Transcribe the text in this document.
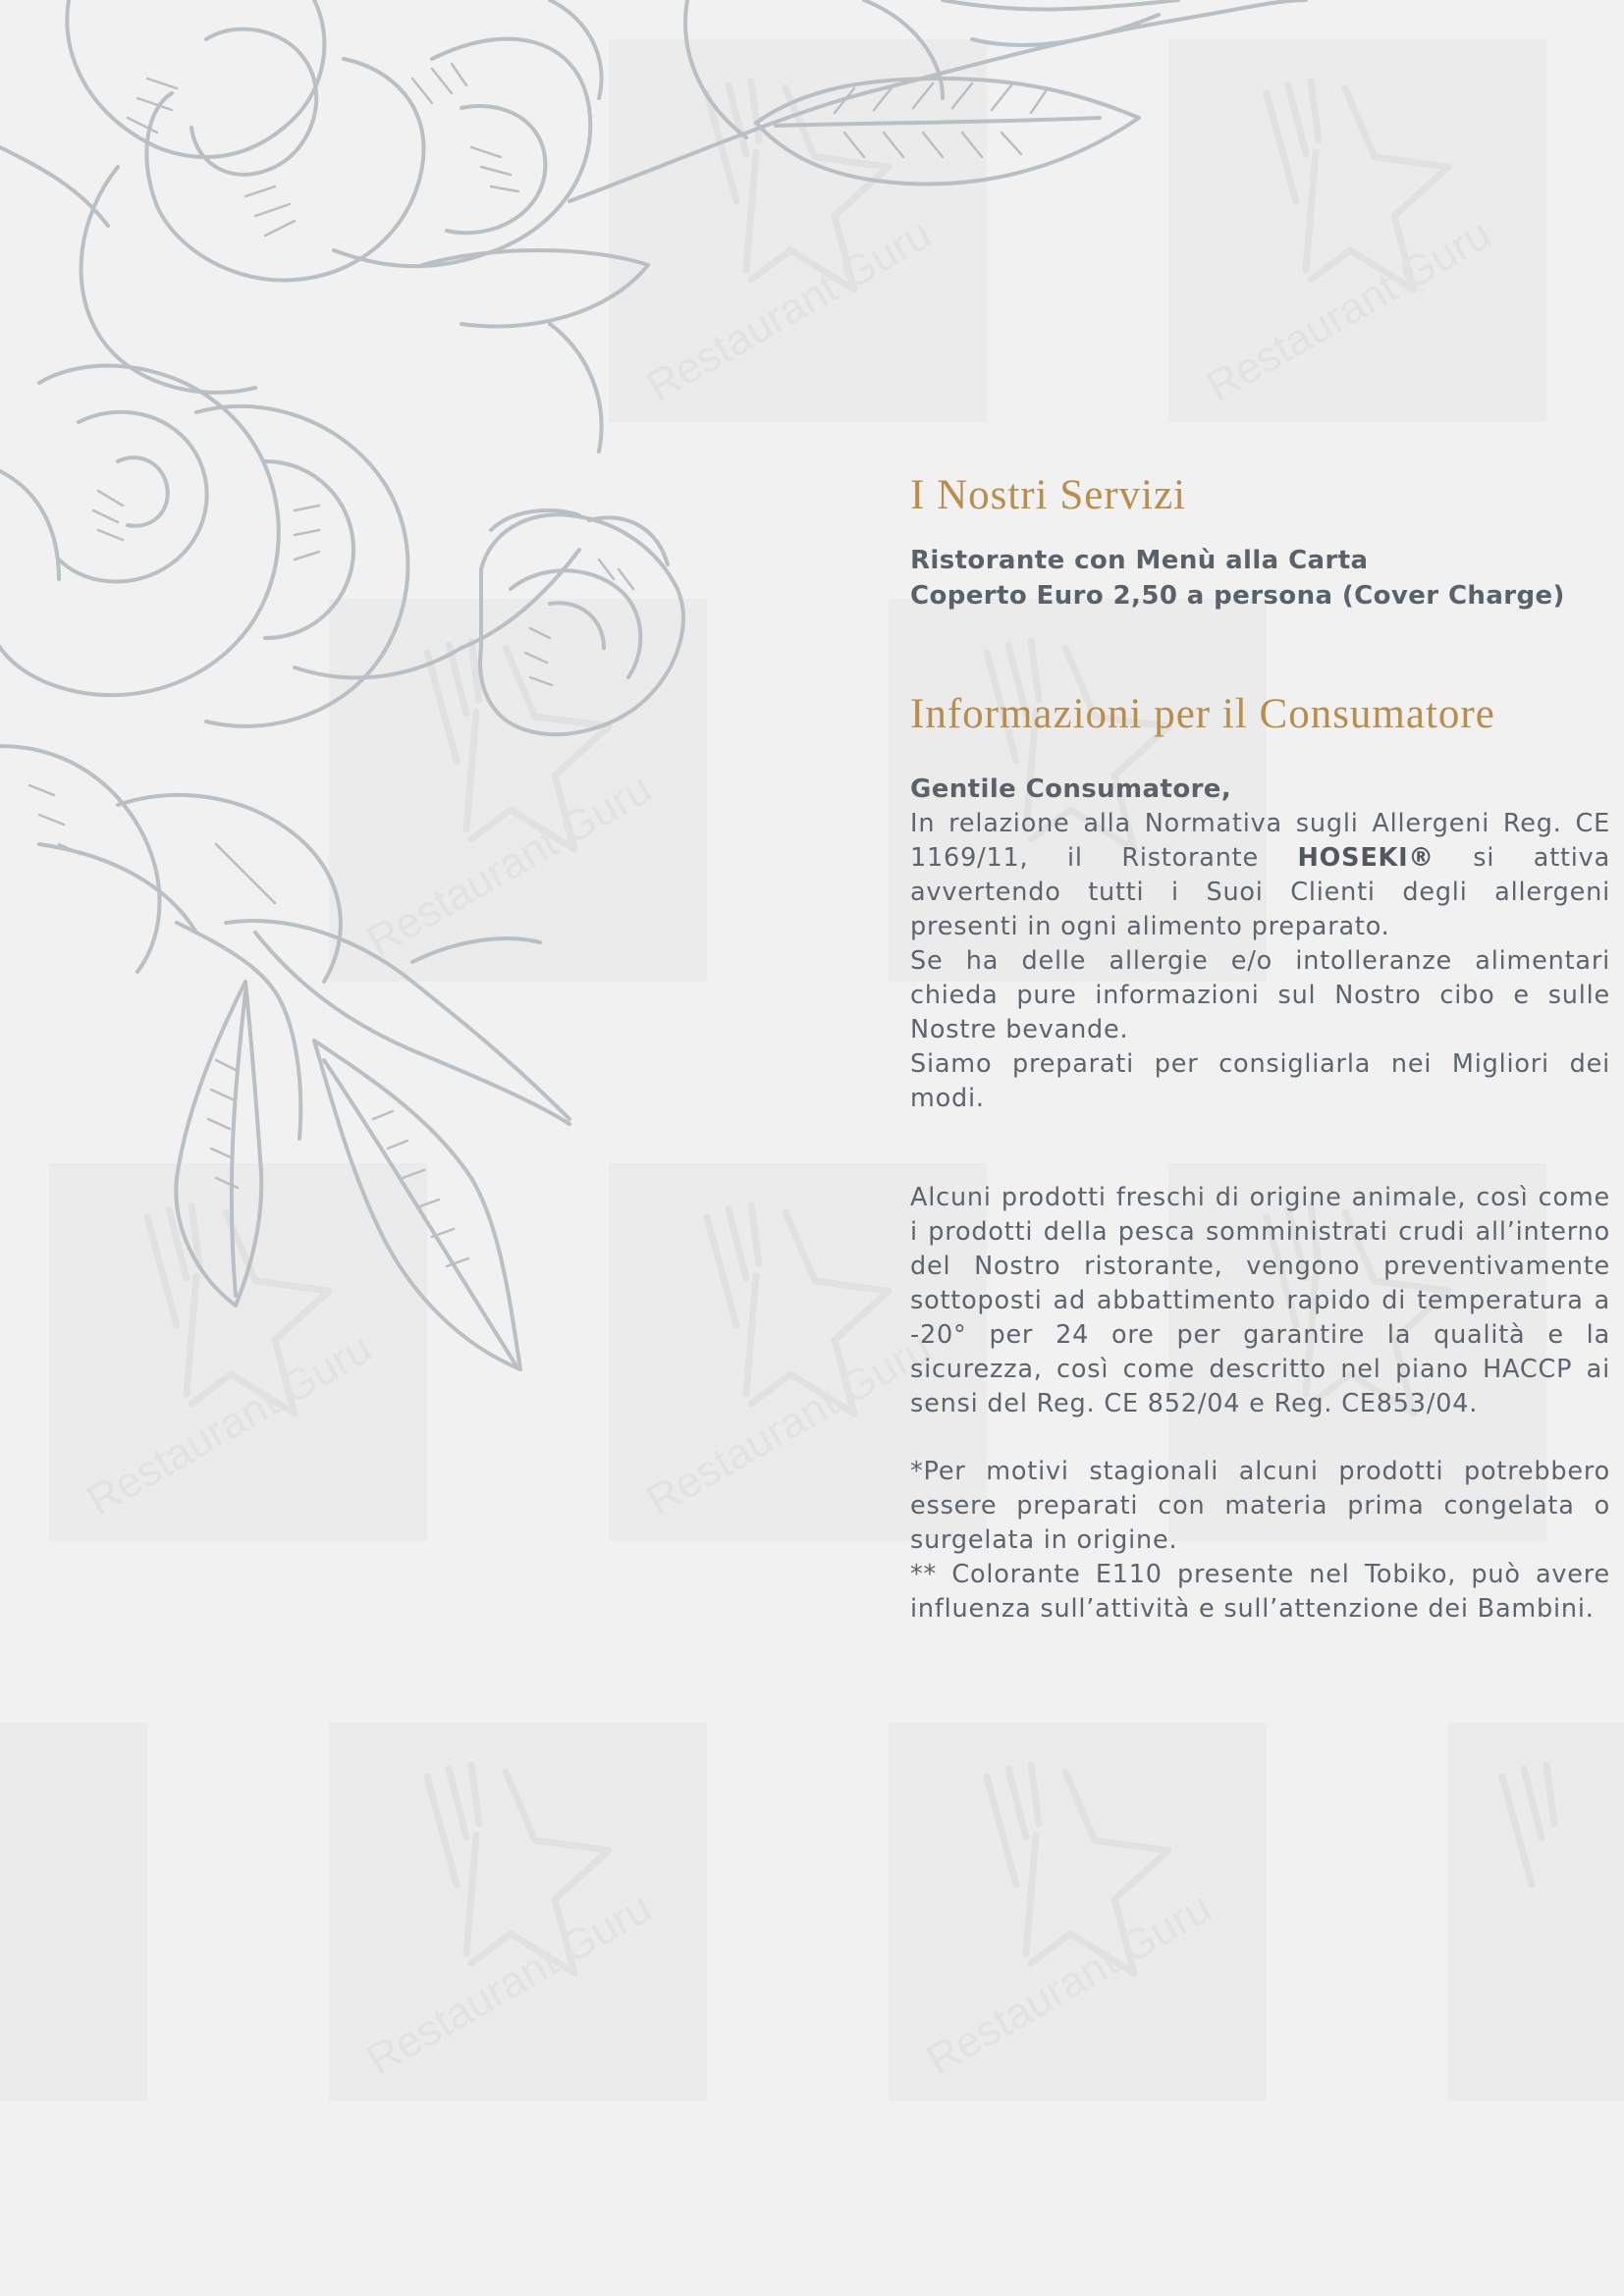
Restaurant Guru
Restaurant Guru	Restaurant Guru
Restaurant Guru
Restaurant Guru
Restaurant Guru	Restaurant Guru
I Nostri Servizi
Ristorante con Menù alla Carta
Coperto Euro 2,50 a persona (Cover Charge)
Informazioni per il Consumatore
Gentile Consumatore,
In relazione alla Normativa sugli Allergeni Reg. CE 1169/11, il Ristorante HOSEKI® si attiva avvertendo tutti i Suoi Clienti degli allergeni presenti in ogni alimento preparato.
Se ha delle allergie e/o intolleranze alimentari chieda pure informazioni sul Nostro cibo e sulle Nostre bevande.
Siamo preparati per consigliarla nei Migliori dei modi.
Alcuni prodotti freschi di origine animale, così come i prodotti della pesca somministrati crudi all’interno del Nostro ristorante, vengono preventivamente sottoposti ad abbattimento rapido di temperatura a -20° per 24 ore per garantire la qualità e la sicurezza, così come descritto nel piano HACCP ai sensi del Reg. CE 852/04 e Reg. CE853/04.
*Per motivi stagionali alcuni prodotti potrebbero essere preparati con materia prima congelata o surgelata in origine.
** Colorante E110 presente nel Tobiko, può avere influenza sull’attività e sull’attenzione dei Bambini.
